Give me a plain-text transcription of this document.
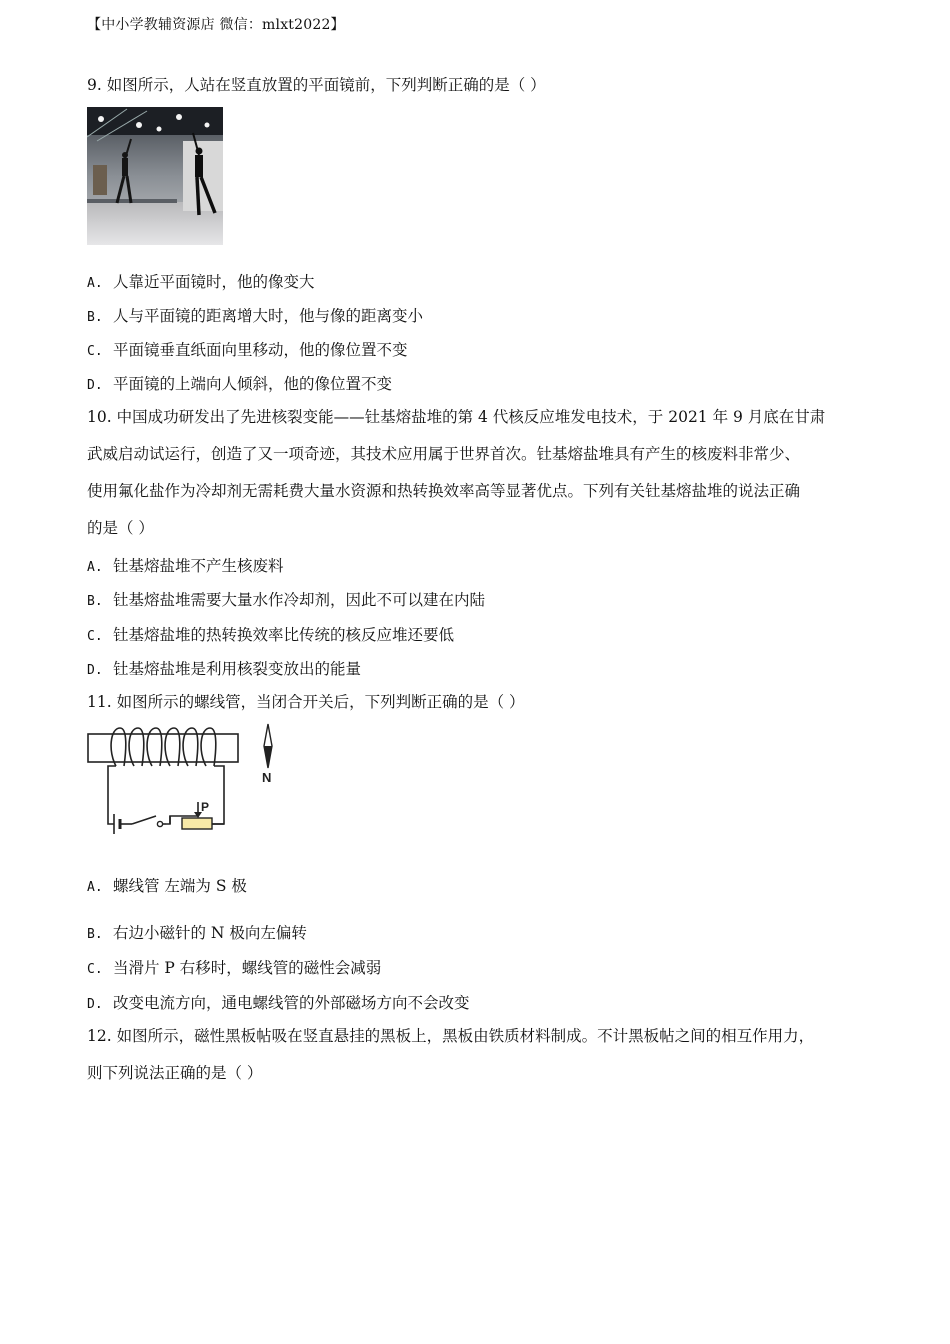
【中小学教辅资源店 微信：mlxt2022】
9. 如图所示，人站在竖直放置的平面镜前，下列判断正确的是（ ）
A. 人靠近平面镜时，他的像变大
B. 人与平面镜的距离增大时，他与像的距离变小
C. 平面镜垂直纸面向里移动，他的像位置不变
D. 平面镜的上端向人倾斜，他的像位置不变
10. 中国成功研发出了先进核裂变能——钍基熔盐堆的第 4 代核反应堆发电技术，于 2021 年 9 月底在甘肃
武威启动试运行，创造了又一项奇迹，其技术应用属于世界首次。钍基熔盐堆具有产生的核废料非常少、
使用氟化盐作为冷却剂无需耗费大量水资源和热转换效率高等显著优点。下列有关钍基熔盐堆的说法正确
的是（ ）
A. 钍基熔盐堆不产生核废料
B. 钍基熔盐堆需要大量水作冷却剂，因此不可以建在内陆
C. 钍基熔盐堆的热转换效率比传统的核反应堆还要低
D. 钍基熔盐堆是利用核裂变放出的能量
11. 如图所示的螺线管，当闭合开关后，下列判断正确的是（ ）
P
N
A. 螺线管 左端为 S 极
B. 右边小磁针的 N 极向左偏转
C. 当滑片 P 右移时，螺线管的磁性会减弱
D. 改变电流方向，通电螺线管的外部磁场方向不会改变
12. 如图所示，磁性黑板帖吸在竖直悬挂的黑板上，黑板由铁质材料制成。不计黑板帖之间的相互作用力，
则下列说法正确的是（ ）
